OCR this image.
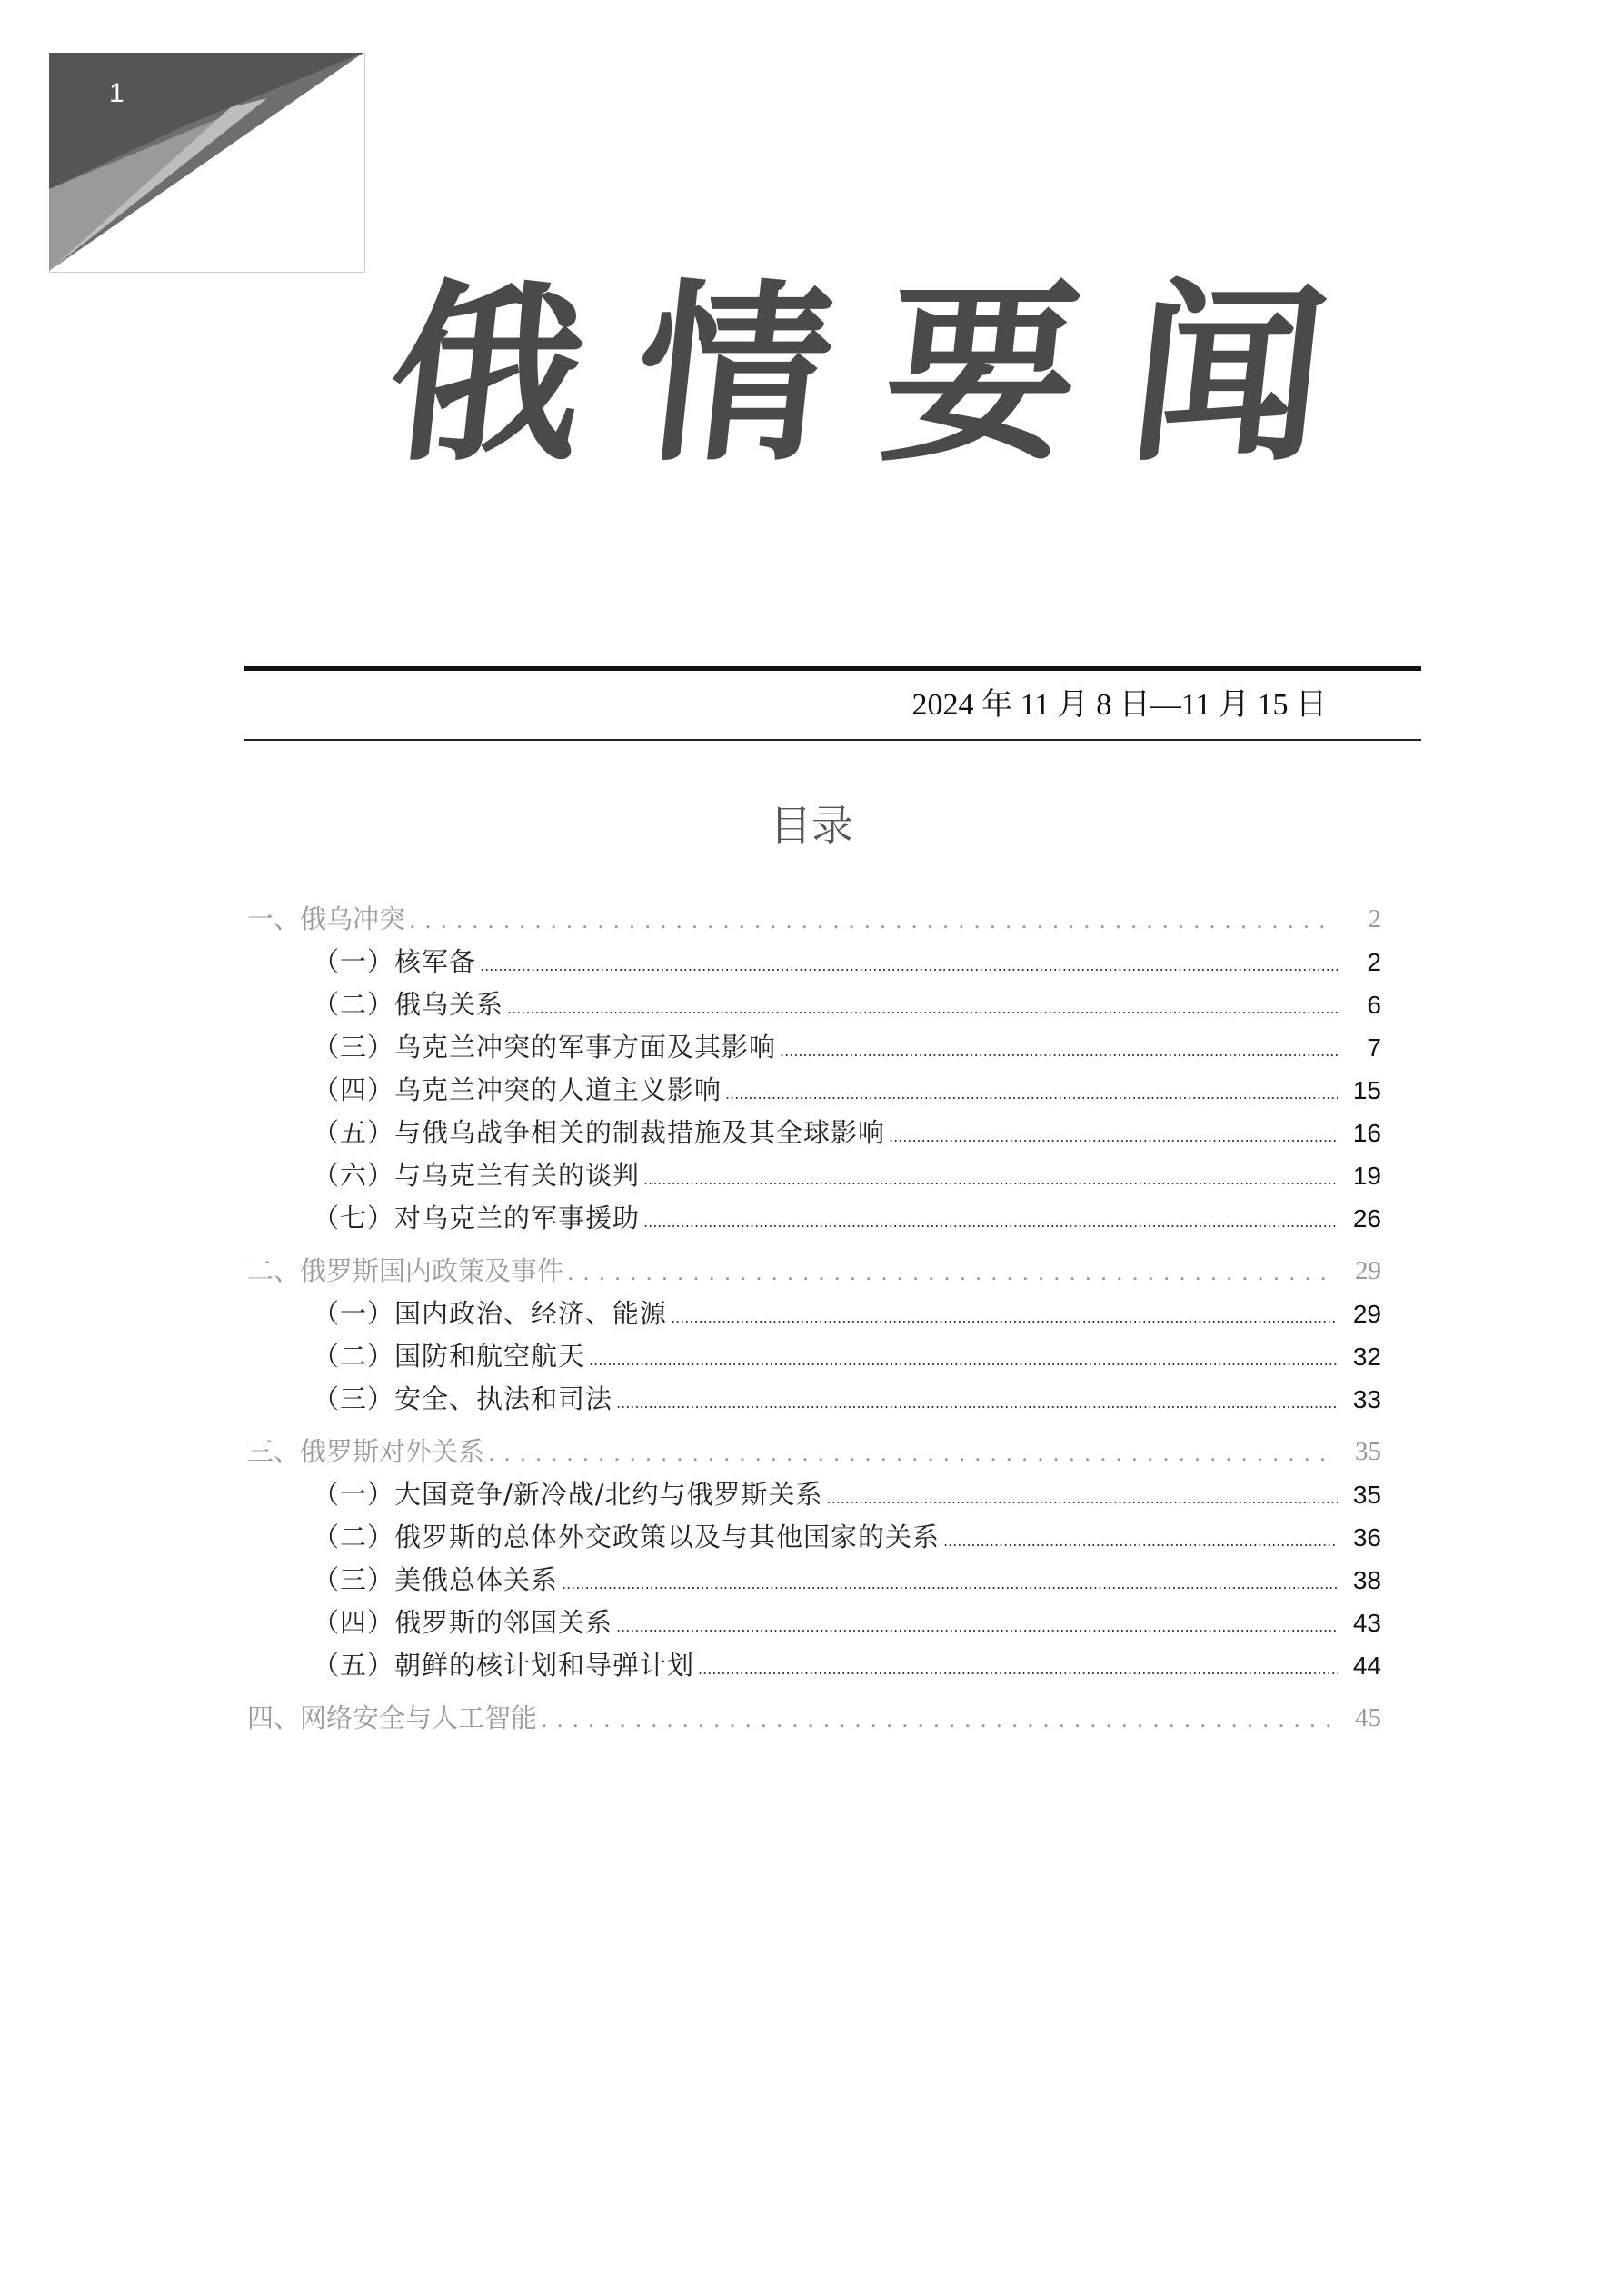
1
俄情要闻
2024 年 11 月 8 日—11 月 15 日
目录
一、俄乌冲突 . . .	2
（一）核军备 .....	2
（二）俄乌关系 .....	6
（三）乌克兰冲突的军事方面及其影响 .....	7
（四）乌克兰冲突的人道主义影响 .....	15
（五）与俄乌战争相关的制裁措施及其全球影响 .....	16
（六）与乌克兰有关的谈判 .....	19
（七）对乌克兰的军事援助 .....	26
二、俄罗斯国内政策及事件 . . .	29
（一）国内政治、经济、能源 .....	29
（二）国防和航空航天 .....	32
（三）安全、执法和司法 .....	33
三、俄罗斯对外关系 . . .	35
（一）大国竞争/新冷战/北约与俄罗斯关系 .....	35
（二）俄罗斯的总体外交政策以及与其他国家的关系 .....	36
（三）美俄总体关系 .....	38
（四）俄罗斯的邻国关系 .....	43
（五）朝鲜的核计划和导弹计划 .....	44
四、网络安全与人工智能 . . .	45
